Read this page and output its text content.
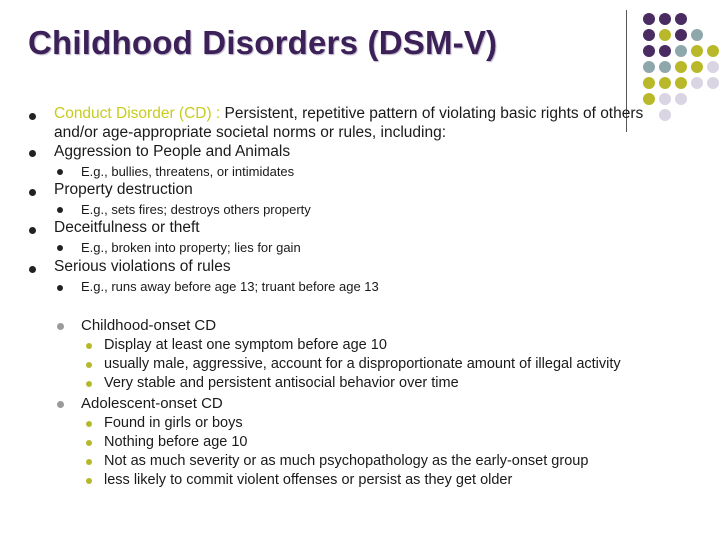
Childhood Disorders (DSM-V)
Conduct Disorder (CD) : Persistent, repetitive pattern of violating basic rights of others
and/or age-appropriate societal norms or rules, including:
Aggression to People and Animals
E.g., bullies, threatens, or intimidates
Property destruction
E.g., sets fires; destroys others property
Deceitfulness or theft
E.g., broken into property; lies for gain
Serious violations of rules
E.g., runs away before age 13; truant before age 13
Childhood-onset CD
Display at least one symptom before age 10
usually male, aggressive, account for a disproportionate amount of illegal activity
Very stable and persistent antisocial behavior over time
Adolescent-onset CD
Found in girls or boys
Nothing before age 10
Not as much severity or as much psychopathology as the early-onset group
less likely to commit violent offenses or persist as they get older
